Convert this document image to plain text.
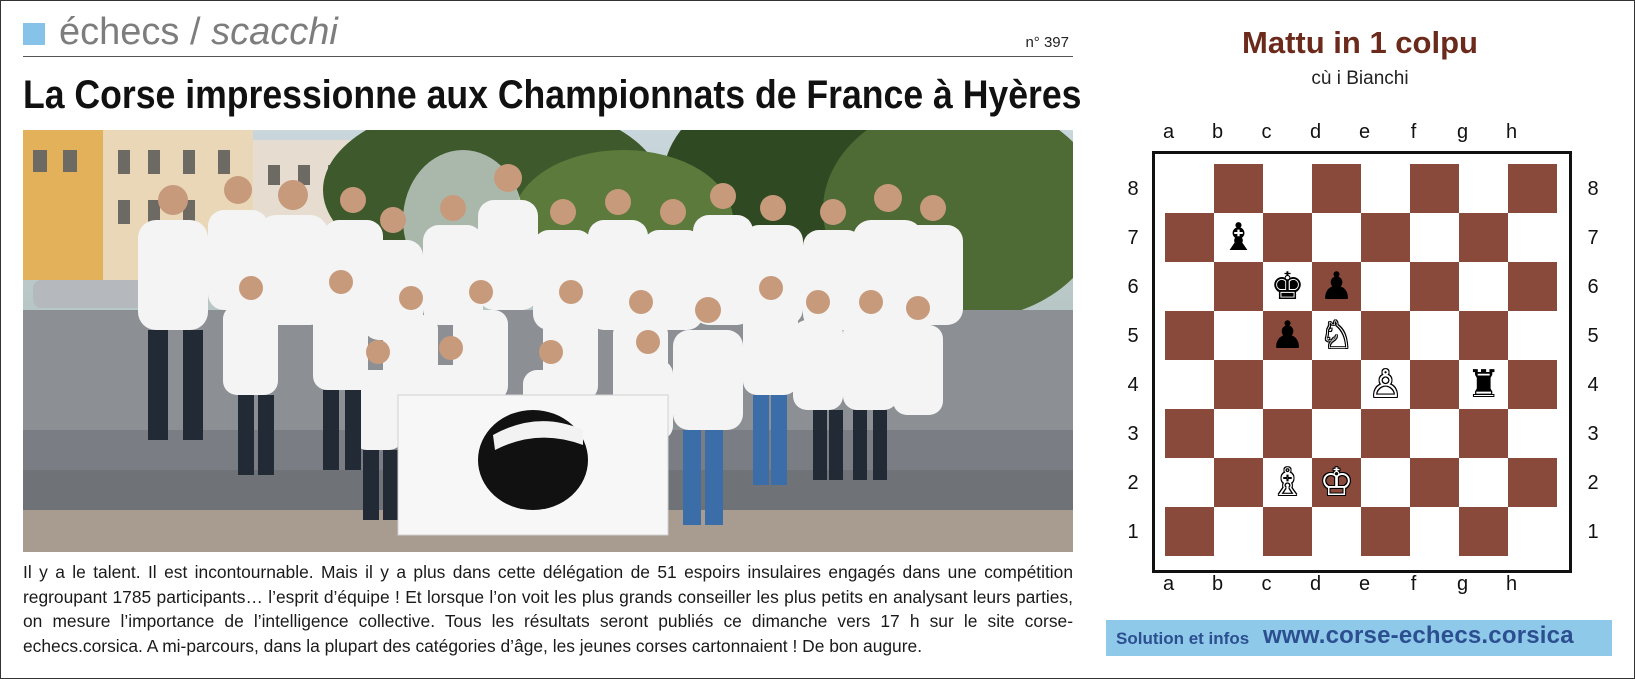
échecs / scacchi	n° 397
La Corse impressionne aux Championnats de France à Hyères
Il y a le talent. Il est incontournable. Mais il y a plus dans cette délégation de 51 espoirs insulaires engagés dans une compétition regroupant 1785 participants… l’esprit d’équipe ! Et lorsque l’on voit les plus grands conseiller les plus petits en analysant leurs parties, on mesure l’importance de l’intelligence collective. Tous les résultats seront publiés ce dimanche vers 17 h sur le site corse-echecs.corsica. A mi-parcours, dans la plupart des catégories d’âge, les jeunes corses cartonnaient ! De bon augure.
Mattu in 1 colpu
cù i Bianchi
a
a
b
b
c
c
d
d
e
e
f
f
g
g
h
h
8	8
7	7
6	6
5	5
4	4
3	3
2	2
1	1
♝
♚ ♟
♟ ♘
♙ ♜
♗ ♔
Solution et infos www.corse-echecs.corsica
